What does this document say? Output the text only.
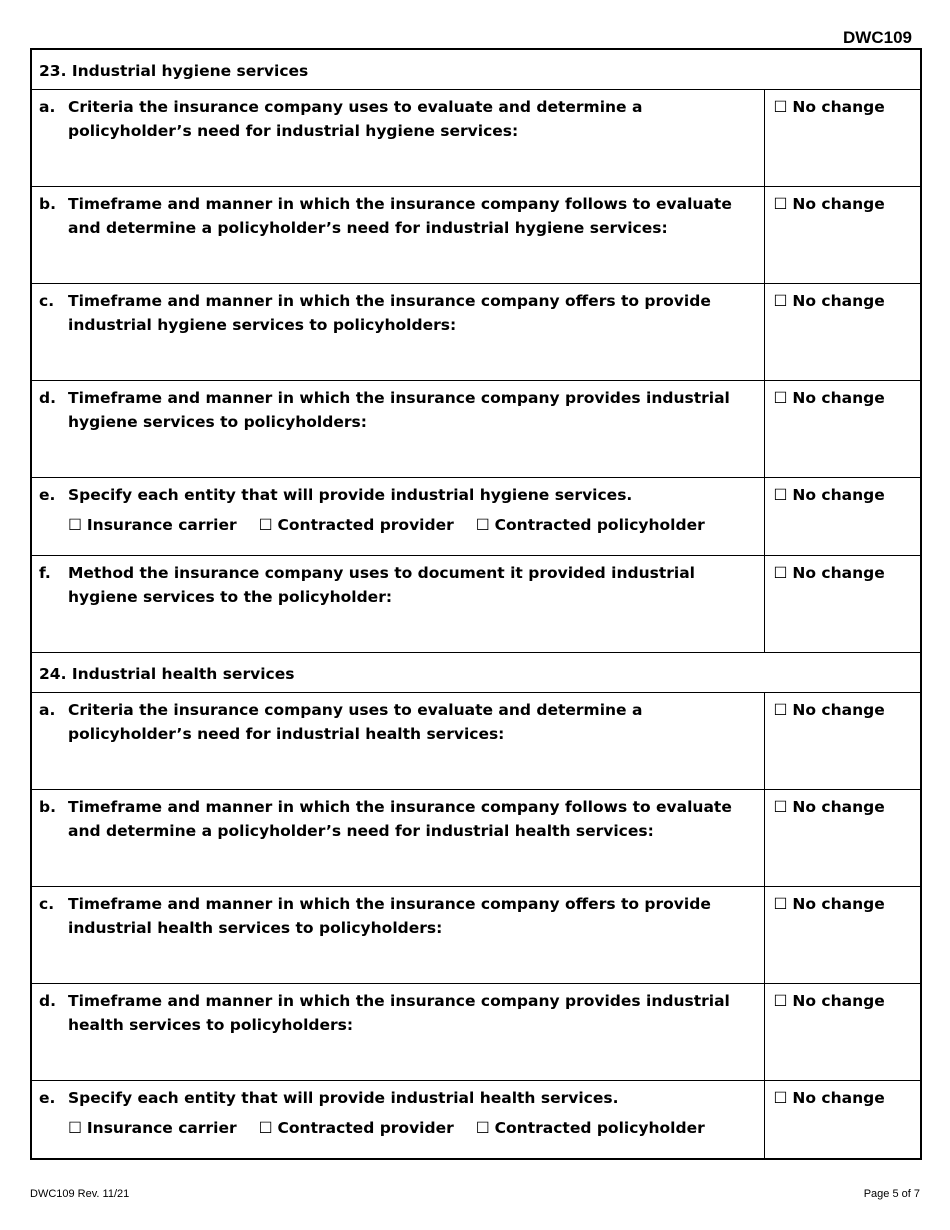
DWC109
23. Industrial hygiene services	

a. Criteria the insurance company uses to evaluate and determine a policyholder’s need for industrial hygiene services:	☐ No change

b. Timeframe and manner in which the insurance company follows to evaluate and determine a policyholder’s need for industrial hygiene services:	☐ No change

c. Timeframe and manner in which the insurance company offers to provide industrial hygiene services to policyholders:	☐ No change

d. Timeframe and manner in which the insurance company provides industrial hygiene services to policyholders:	☐ No change

e. Specify each entity that will provide industrial hygiene services.
☐ Insurance carrier ☐ Contracted provider ☐ Contracted policyholder	☐ No change

f. Method the insurance company uses to document it provided industrial hygiene services to the policyholder:	☐ No change

24. Industrial health services	

a. Criteria the insurance company uses to evaluate and determine a policyholder’s need for industrial health services:	☐ No change

b. Timeframe and manner in which the insurance company follows to evaluate and determine a policyholder’s need for industrial health services:	☐ No change

c. Timeframe and manner in which the insurance company offers to provide industrial health services to policyholders:	☐ No change

d. Timeframe and manner in which the insurance company provides industrial health services to policyholders:	☐ No change

e. Specify each entity that will provide industrial health services.
☐ Insurance carrier ☐ Contracted provider ☐ Contracted policyholder	☐ No change
DWC109 Rev. 11/21	Page 5 of 7
